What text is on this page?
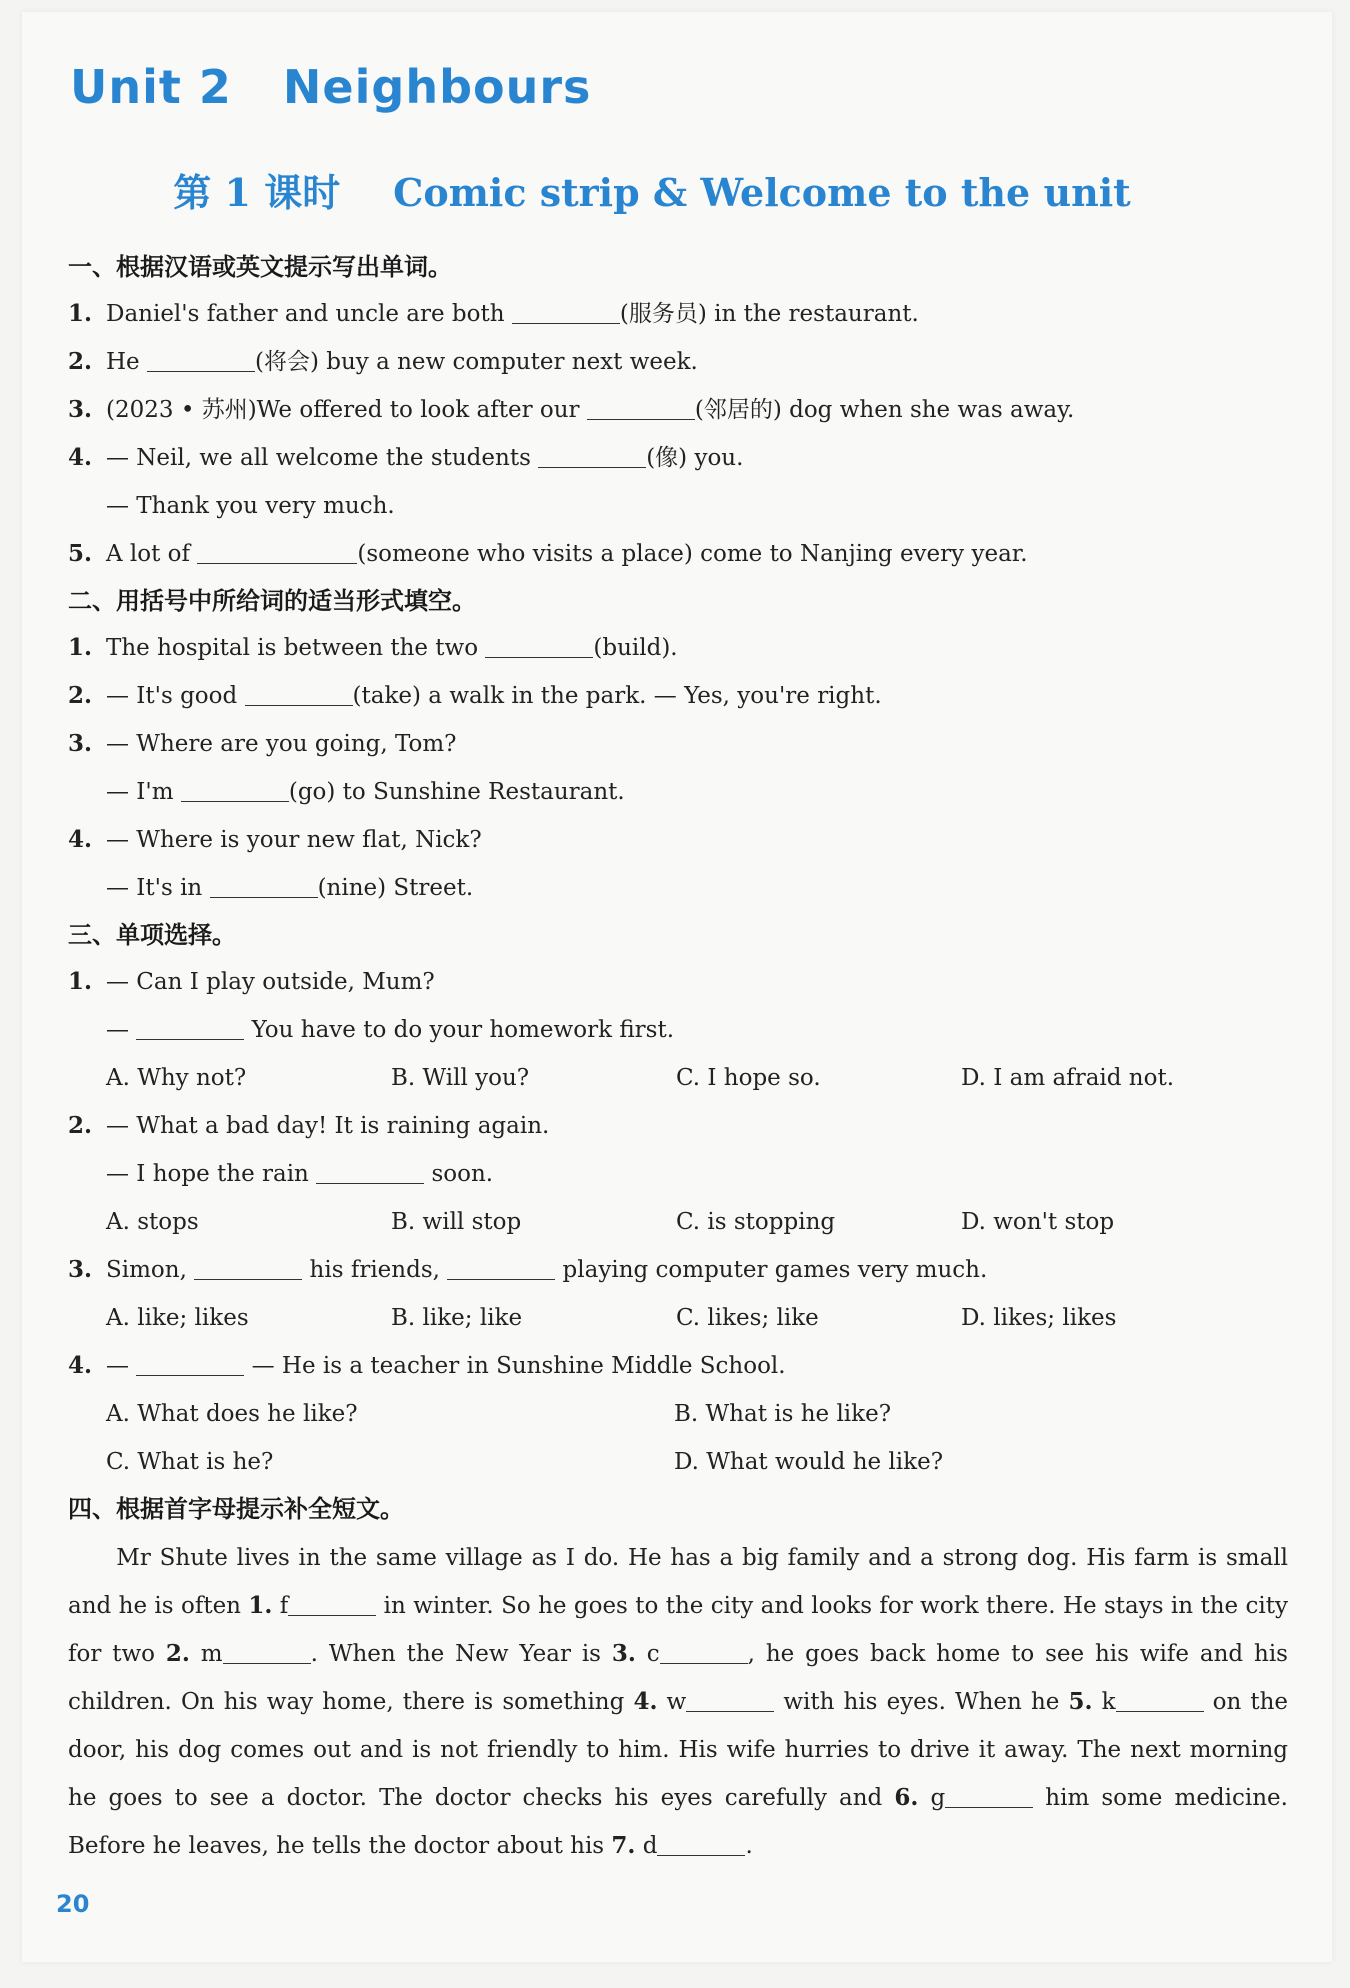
Unit 2   Neighbours
第 1 课时    Comic strip & Welcome to the unit
一、根据汉语或英文提示写出单词。
1. Daniel's father and uncle are both	(服务员) in the restaurant.
2. He	(将会) buy a new computer next week.
3. (2023 • 苏州)We offered to look after our	(邻居的) dog when she was away.
4. — Neil, we all welcome the students	(像) you.
— Thank you very much.
5. A lot of	(someone who visits a place) come to Nanjing every year.
二、用括号中所给词的适当形式填空。
1. The hospital is between the two	(build).
2. — It's good	(take) a walk in the park. — Yes, you're right.
3. — Where are you going, Tom?
— I'm	(go) to Sunshine Restaurant.
4. — Where is your new flat, Nick?
— It's in	(nine) Street.
三、单项选择。
1. — Can I play outside, Mum?
—	You have to do your homework first.
A. Why not?	B. Will you?	C. I hope so.	D. I am afraid not.
2. — What a bad day! It is raining again.
— I hope the rain	soon.
A. stops	B. will stop	C. is stopping	D. won't stop
3. Simon,	his friends,	playing computer games very much.
A. like; likes	B. like; like	C. likes; like	D. likes; likes
4. —	— He is a teacher in Sunshine Middle School.
A. What does he like?	B. What is he like?
C. What is he?	D. What would he like?
四、根据首字母提示补全短文。
Mr Shute lives in the same village as I do. He has a big family and a strong dog. His farm is small and he is often 1. f	in winter. So he goes to the city and looks for work there. He stays in the city for two 2. m	. When the New Year is 3. c	, he goes back home to see his wife and his children. On his way home, there is something 4. w	with his eyes. When he 5. k	on the door, his dog comes out and is not friendly to him. His wife hurries to drive it away. The next morning he goes to see a doctor. The doctor checks his eyes carefully and 6. g	him some medicine. Before he leaves, he tells the doctor about his 7. d	.
20
